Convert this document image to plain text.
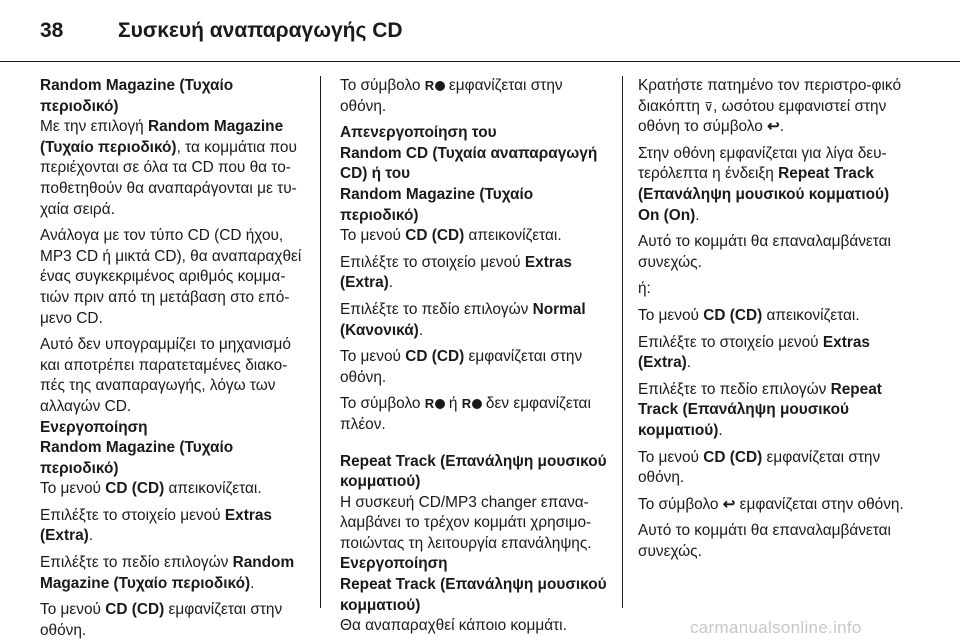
38	Συσκευή αναπαραγωγής CD
Random Magazine (Τυχαίο περιοδικό)
Με την επιλογή Random Magazine (Τυχαίο περιοδικό), τα κομμάτια που περιέχονται σε όλα τα CD που θα το-ποθετηθούν θα αναπαράγονται με τυ-χαία σειρά.
Ανάλογα με τον τύπο CD (CD ήχου, MP3 CD ή μικτά CD), θα αναπαραχθεί ένας συγκεκριμένος αριθμός κομμα-τιών πριν από τη μετάβαση στο επό-μενο CD.
Αυτό δεν υπογραμμίζει το μηχανισμό και αποτρέπει παρατεταμένες διακο-πές της αναπαραγωγής, λόγω των αλλαγών CD.
Ενεργοποίηση
Random Magazine (Τυχαίο περιοδικό)
Το μενού CD (CD) απεικονίζεται.
Επιλέξτε το στοιχείο μενού Extras (Extra).
Επιλέξτε το πεδίο επιλογών Random Magazine (Τυχαίο περιοδικό).
Το μενού CD (CD) εμφανίζεται στην οθόνη.
Το σύμβολο R εμφανίζεται στην οθόνη.
Απενεργοποίηση του
Random CD (Τυχαία αναπαραγωγή CD) ή του
Random Magazine (Τυχαίο περιοδικό)
Το μενού CD (CD) απεικονίζεται.
Επιλέξτε το στοιχείο μενού Extras (Extra).
Επιλέξτε το πεδίο επιλογών Normal (Κανονικά).
Το μενού CD (CD) εμφανίζεται στην οθόνη.
Το σύμβολο R ή R δεν εμφανίζεται πλέον.
Repeat Track (Επανάληψη μουσικού κομματιού)
Η συσκευή CD/MP3 changer επανα-λαμβάνει το τρέχον κομμάτι χρησιμο-ποιώντας τη λειτουργία επανάληψης.
Ενεργοποίηση
Repeat Track (Επανάληψη μουσικού κομματιού)
Θα αναπαραχθεί κάποιο κομμάτι.
Κρατήστε πατημένο τον περιστρο-φικό διακόπτη ⊽, ωσότου εμφανιστεί στην οθόνη το σύμβολο ↩.
Στην οθόνη εμφανίζεται για λίγα δευ-τερόλεπτα η ένδειξη Repeat Track (Επανάληψη μουσικού κομματιού) On (On).
Αυτό το κομμάτι θα επαναλαμβάνεται συνεχώς.
ή:
Το μενού CD (CD) απεικονίζεται.
Επιλέξτε το στοιχείο μενού Extras (Extra).
Επιλέξτε το πεδίο επιλογών Repeat Track (Επανάληψη μουσικού κομματιού).
Το μενού CD (CD) εμφανίζεται στην οθόνη.
Το σύμβολο ↩ εμφανίζεται στην οθόνη.
Αυτό το κομμάτι θα επαναλαμβάνεται συνεχώς.
carmanualsonline.info
